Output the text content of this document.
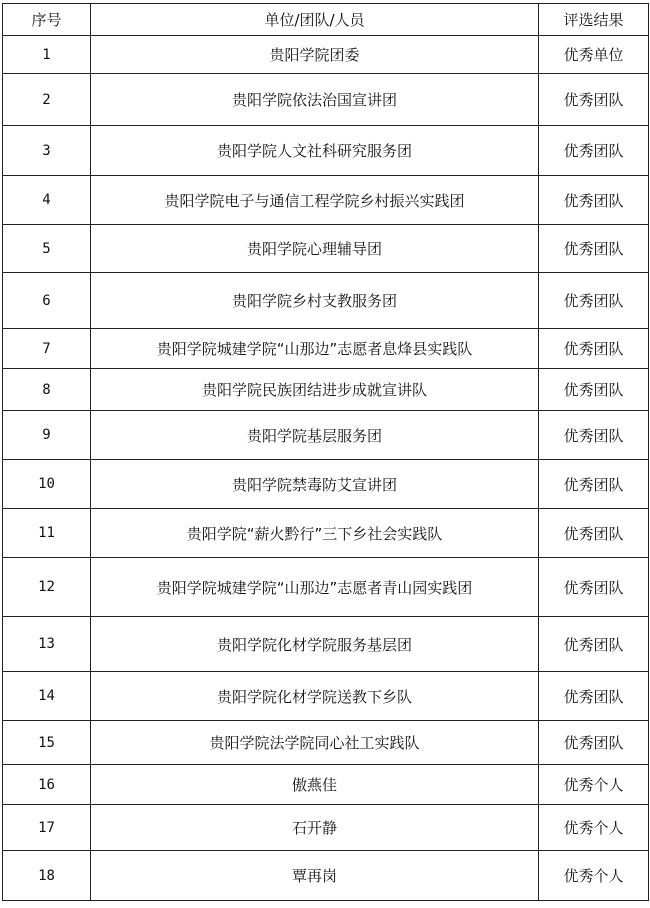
序号	单位/团队/人员	评选结果
1	贵阳学院团委	优秀单位
2	贵阳学院依法治国宣讲团	优秀团队
3	贵阳学院人文社科研究服务团	优秀团队
4	贵阳学院电子与通信工程学院乡村振兴实践团	优秀团队
5	贵阳学院心理辅导团	优秀团队
6	贵阳学院乡村支教服务团	优秀团队
7	贵阳学院城建学院“山那边”志愿者息烽县实践队	优秀团队
8	贵阳学院民族团结进步成就宣讲队	优秀团队
9	贵阳学院基层服务团	优秀团队
10	贵阳学院禁毒防艾宣讲团	优秀团队
11	贵阳学院“薪火黔行”三下乡社会实践队	优秀团队
12	贵阳学院城建学院“山那边”志愿者青山园实践团	优秀团队
13	贵阳学院化材学院服务基层团	优秀团队
14	贵阳学院化材学院送教下乡队	优秀团队
15	贵阳学院法学院同心社工实践队	优秀团队
16	傲燕佳	优秀个人
17	石开静	优秀个人
18	覃再岗	优秀个人
